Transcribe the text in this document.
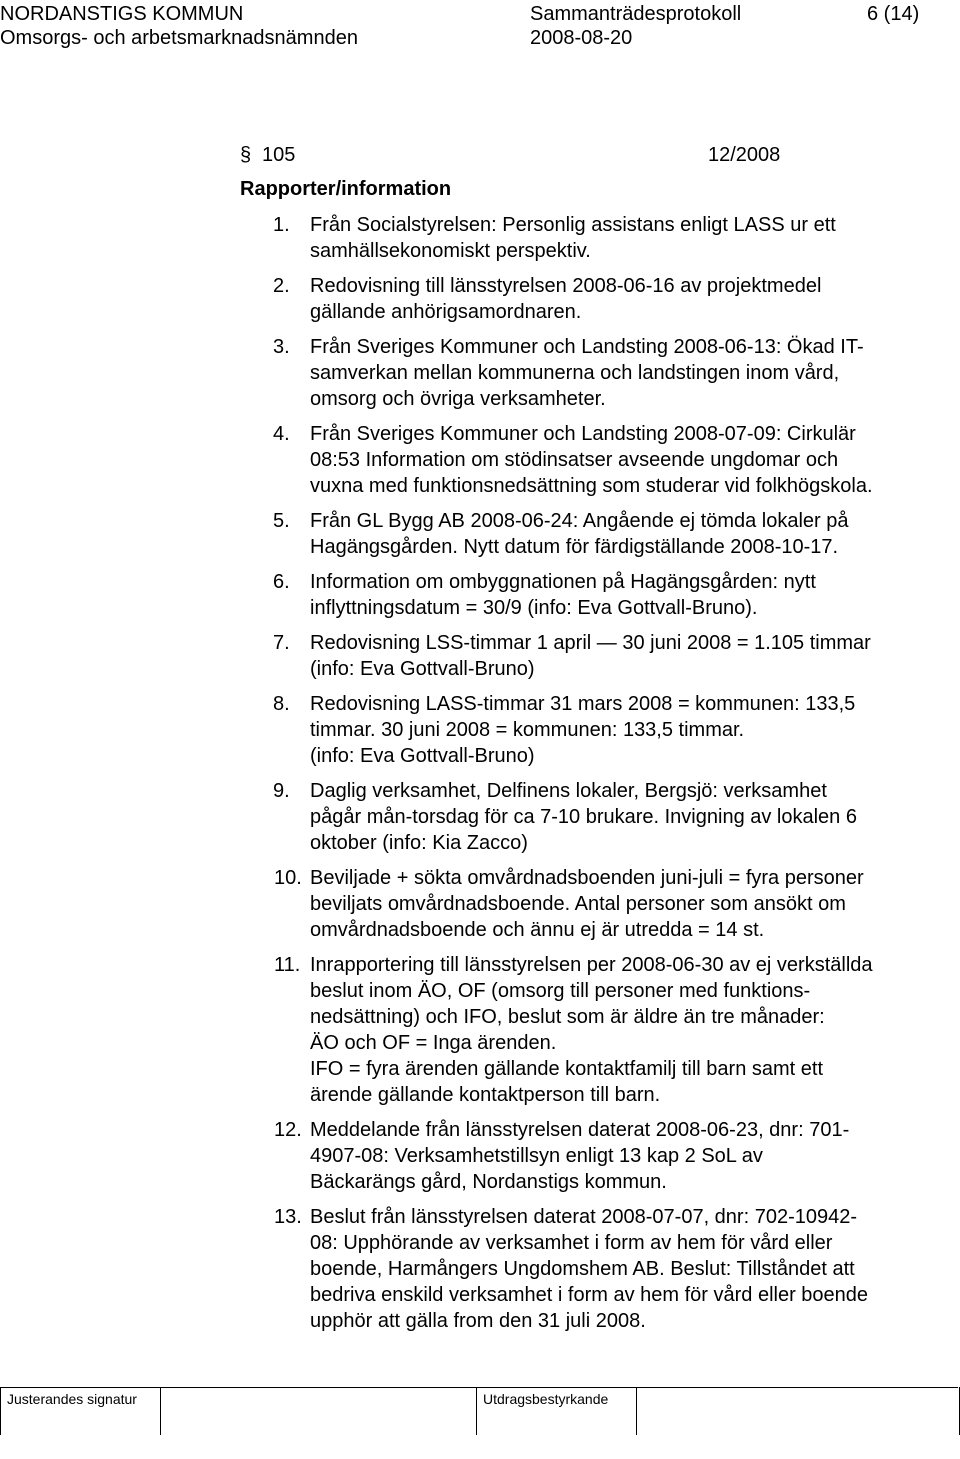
NORDANSTIGS KOMMUN	Sammanträdesprotokoll	6 (14)
Omsorgs- och arbetsmarknadsnämnden	2008-08-20
§ 105	12/2008
Rapporter/information
1. Från Socialstyrelsen: Personlig assistans enligt LASS ur ett
samhällsekonomiskt perspektiv.
2. Redovisning till länsstyrelsen 2008-06-16 av projektmedel
gällande anhörigsamordnaren.
3. Från Sveriges Kommuner och Landsting 2008-06-13: Ökad IT-
samverkan mellan kommunerna och landstingen inom vård,
omsorg och övriga verksamheter.
4. Från Sveriges Kommuner och Landsting 2008-07-09: Cirkulär
08:53 Information om stödinsatser avseende ungdomar och
vuxna med funktionsnedsättning som studerar vid folkhögskola.
5. Från GL Bygg AB 2008-06-24: Angående ej tömda lokaler på
Hagängsgården. Nytt datum för färdigställande 2008-10-17.
6. Information om ombyggnationen på Hagängsgården: nytt
inflyttningsdatum = 30/9 (info: Eva Gottvall-Bruno).
7. Redovisning LSS-timmar 1 april — 30 juni 2008 = 1.105 timmar
(info: Eva Gottvall-Bruno)
8. Redovisning LASS-timmar 31 mars 2008 = kommunen: 133,5
timmar. 30 juni 2008 = kommunen: 133,5 timmar.
(info: Eva Gottvall-Bruno)
9. Daglig verksamhet, Delfinens lokaler, Bergsjö: verksamhet
pågår mån-torsdag för ca 7-10 brukare. Invigning av lokalen 6
oktober (info: Kia Zacco)
10. Beviljade + sökta omvårdnadsboenden juni-juli = fyra personer
beviljats omvårdnadsboende. Antal personer som ansökt om
omvårdnadsboende och ännu ej är utredda = 14 st.
11. Inrapportering till länsstyrelsen per 2008-06-30 av ej verkställda
beslut inom ÄO, OF (omsorg till personer med funktions-
nedsättning) och IFO, beslut som är äldre än tre månader:
ÄO och OF = Inga ärenden.
IFO = fyra ärenden gällande kontaktfamilj till barn samt ett
ärende gällande kontaktperson till barn.
12. Meddelande från länsstyrelsen daterat 2008-06-23, dnr: 701-
4907-08: Verksamhetstillsyn enligt 13 kap 2 SoL av
Bäckarängs gård, Nordanstigs kommun.
13. Beslut från länsstyrelsen daterat 2008-07-07, dnr: 702-10942-
08: Upphörande av verksamhet i form av hem för vård eller
boende, Harmångers Ungdomshem AB. Beslut: Tillståndet att
bedriva enskild verksamhet i form av hem för vård eller boende
upphör att gälla from den 31 juli 2008.
Justerandes signatur	Utdragsbestyrkande
